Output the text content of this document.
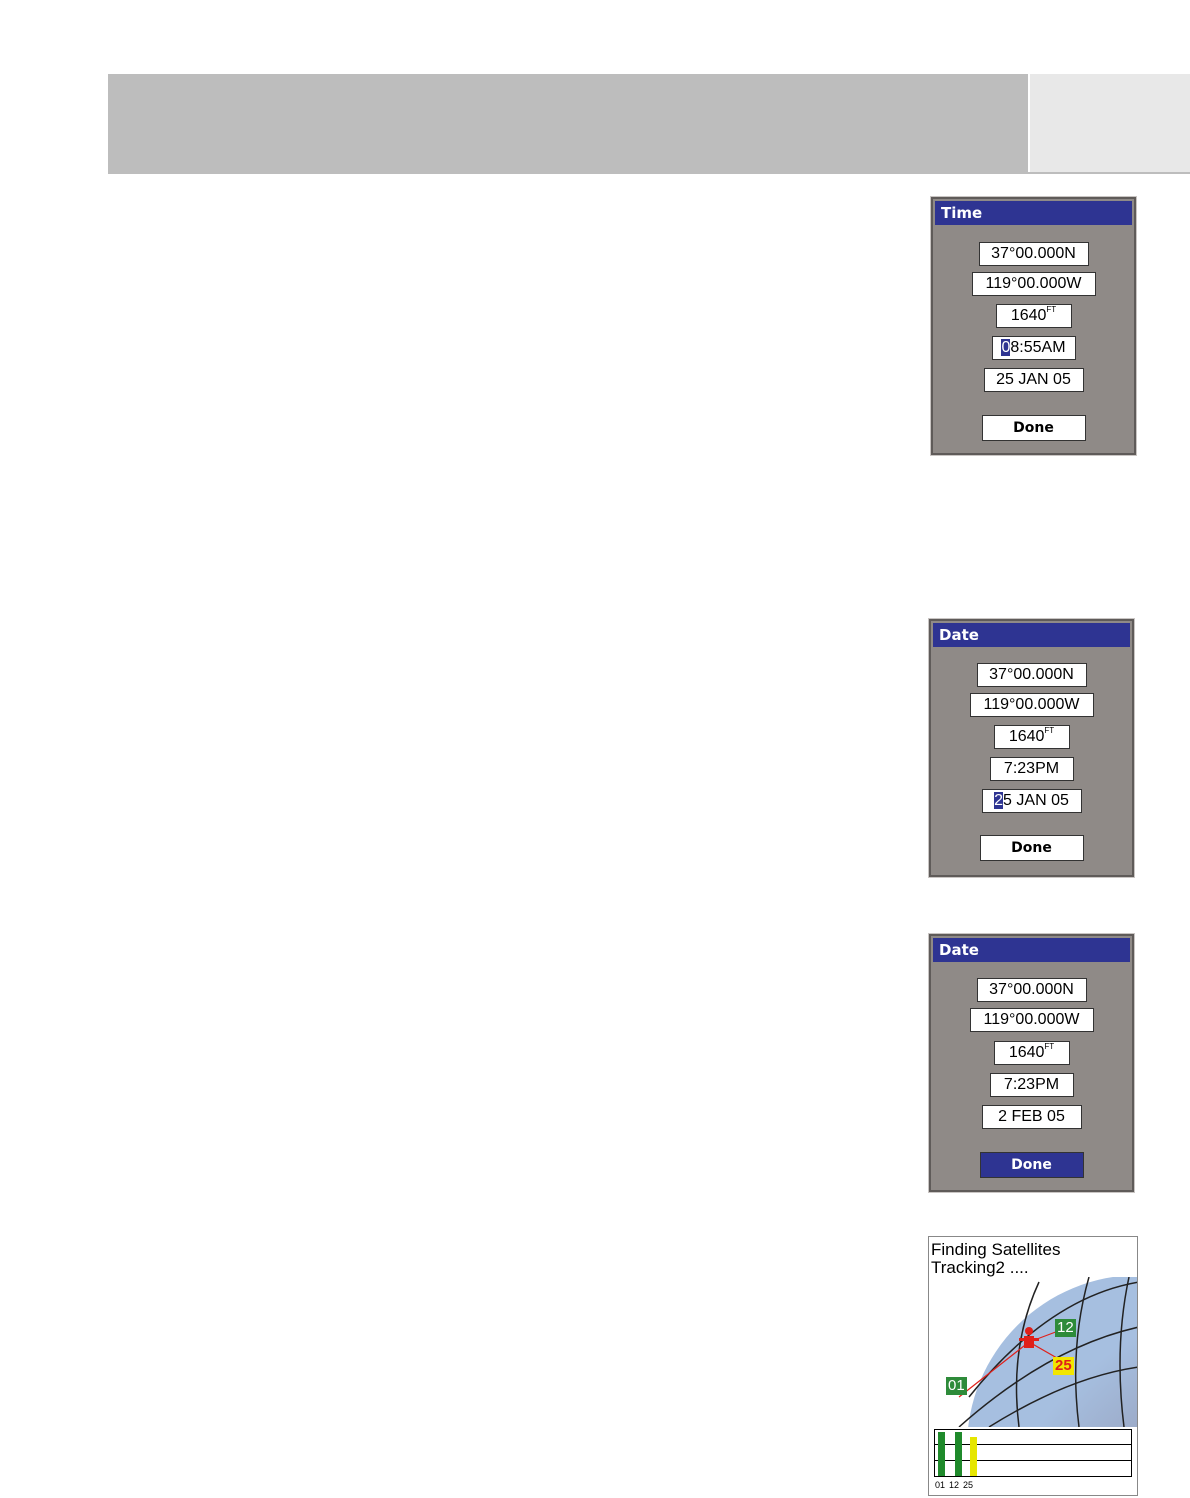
Time
37°00.000N
119°00.000W
$1640^{FT}$
08:55AM
25 JAN 05
Done
Date
37°00.000N
119°00.000W
$1640^{FT}$
7:23PM
25 JAN 05
Done
Date
37°00.000N
119°00.000W
$1640^{FT}$
7:23PM
2 FEB 05
Done
Finding Satellites
Tracking2 ....
12
25
01
01 12 25
